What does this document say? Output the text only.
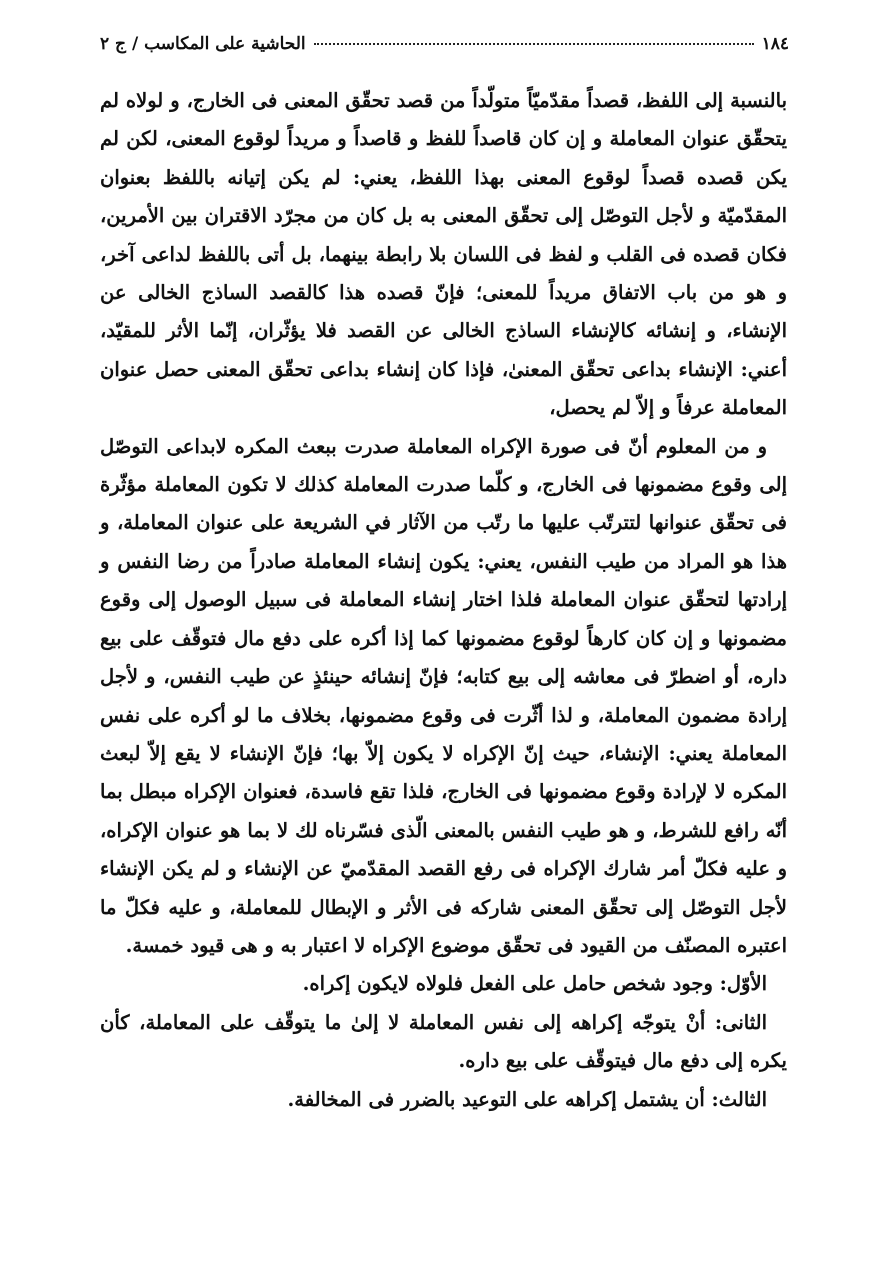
١٨٤
الحاشية على المكاسب / ج ٢

بالنسبة إلى اللفظ، قصداً مقدّميّاً متولّداً من قصد تحقّق المعنى فى الخارج، و لولاه لم يتحقّق عنوان المعاملة و إن كان قاصداً للفظ و قاصداً و مريداً لوقوع المعنى، لكن لم يكن قصده قصداً لوقوع المعنى بهذا اللفظ، يعني: لم يكن إتيانه باللفظ بعنوان المقدّميّة و لأجل التوصّل إلى تحقّق المعنى به بل كان من مجرّد الاقتران بين الأمرين، فكان قصده فى القلب و لفظ فى اللسان بلا رابطة بينهما، بل أتى باللفظ لداعى آخر، و هو من باب الاتفاق مريداً للمعنى؛ فإنّ قصده هذا كالقصد الساذج الخالى عن الإنشاء، و إنشائه كالإنشاء الساذج الخالى عن القصد فلا يؤثّران، إنّما الأثر للمقيّد، أعني: الإنشاء بداعى تحقّق المعنىٰ، فإذا كان إنشاء بداعى تحقّق المعنى حصل عنوان المعاملة عرفاً و إلاّ لم يحصل،

و من المعلوم أنّ فى صورة الإكراه المعاملة صدرت ببعث المكره لابداعى التوصّل إلى وقوع مضمونها فى الخارج، و كلّما صدرت المعاملة كذلك لا تكون المعاملة مؤثّرة فى تحقّق عنوانها لتترتّب عليها ما رتّب من الآثار في الشريعة على عنوان المعاملة، و هذا هو المراد من طيب النفس، يعني: يكون إنشاء المعاملة صادراً من رضا النفس و إرادتها لتحقّق عنوان المعاملة فلذا اختار إنشاء المعاملة فى سبيل الوصول إلى وقوع مضمونها و إن كان كارهاً لوقوع مضمونها كما إذا أكره على دفع مال فتوقّف على بيع داره، أو اضطرّ فى معاشه إلى بيع كتابه؛ فإنّ إنشائه حينئذٍ عن طيب النفس، و لأجل إرادة مضمون المعاملة، و لذا أثّرت فى وقوع مضمونها، بخلاف ما لو أكره على نفس المعاملة يعني: الإنشاء، حيث إنّ الإكراه لا يكون إلاّ بها؛ فإنّ الإنشاء لا يقع إلاّ لبعث المكره لا لإرادة وقوع مضمونها فى الخارج، فلذا تقع فاسدة، فعنوان الإكراه مبطل بما أنّه رافع للشرط، و هو طيب النفس بالمعنى الّذى فسّرناه لك لا بما هو عنوان الإكراه، و عليه فكلّ أمر شارك الإكراه فى رفع القصد المقدّميّ عن الإنشاء و لم يكن الإنشاء لأجل التوصّل إلى تحقّق المعنى شاركه فى الأثر و الإبطال للمعاملة، و عليه فكلّ ما اعتبره المصنّف من القيود فى تحقّق موضوع الإكراه لا اعتبار به و هى قيود خمسة.

الأوّل: وجود شخص حامل على الفعل فلولاه لايكون إكراه.

الثانى: أنْ يتوجّه إكراهه إلى نفس المعاملة لا إلىٰ ما يتوقّف على المعاملة، كأن يكره إلى دفع مال فيتوقّف على بيع داره.

الثالث: أن يشتمل إكراهه على التوعيد بالضرر فى المخالفة.
